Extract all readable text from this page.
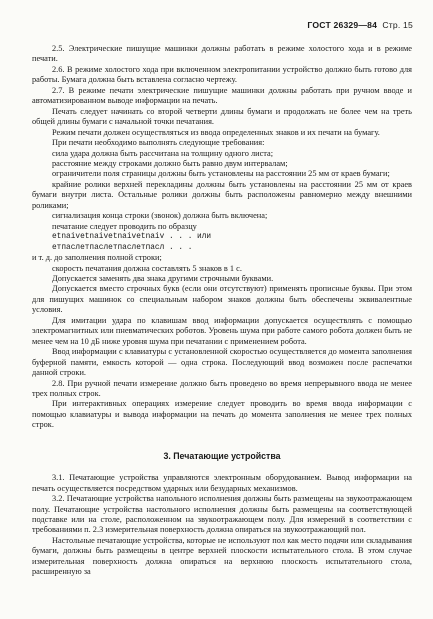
ГОСТ 26329—84 Стр. 15

2.5. Электрические пишущие машинки должны работать в режиме холостого хода и в режиме печати.

2.6. В режиме холостого хода при включенном электропитании устройство должно быть готово для работы. Бумага должна быть вставлена согласно чертежу.

2.7. В режиме печати электрические пишущие машинки должны работать при ручном вводе и автоматизированном выводе информации на печать.

Печать следует начинать со второй четверти длины бумаги и продолжать не более чем на треть общей длины бумаги с начальной точки печатания.

Режим печати должен осуществляться из ввода определенных знаков и их печати на бумагу.

При печати необходимо выполнять следующие требования:

сила удара должна быть рассчитана на толщину одного листа;

расстояние между строками должно быть равно двум интервалам;

ограничители поля страницы должны быть установлены на расстоянии 25 мм от краев бумаги;

крайние ролики верхней перекладины должны быть установлены на расстоянии 25 мм от краев бумаги внутри листа. Остальные ролики должны быть расположены равномерно между внешними роликами;

сигнализация конца строки (звонок) должна быть включена;

печатание следует проводить по образцу

etnaivetnaivetnaivetnaiv . . . или

етпаслетпаслетпаслетпасл . . .

и т. д. до заполнения полной строки;

скорость печатания должна составлять 5 знаков в 1 с.

Допускается заменять два знака другими строчными буквами.

Допускается вместо строчных букв (если они отсутствуют) применять прописные буквы. При этом для пишущих машинок со специальным набором знаков должны быть обеспечены эквивалентные условия.

Для имитации удара по клавишам ввод информации допускается осуществлять с помощью электромагнитных или пневматических роботов. Уровень шума при работе самого робота должен быть не менее чем на 10 дБ ниже уровня шума при печатании с применением робота.

Ввод информации с клавиатуры с установленной скоростью осуществляется до момента заполнения буферной памяти, емкость которой — одна строка. Последующий ввод возможен после распечатки данной строки.

2.8. При ручной печати измерение должно быть проведено во время непрерывного ввода не менее трех полных строк.

При интерактивных операциях измерение следует проводить во время ввода информации с помощью клавиатуры и вывода информации на печать до момента заполнения не менее трех полных строк.

3. Печатающие устройства

3.1. Печатающие устройства управляются электронным оборудованием. Вывод информации на печать осуществляется посредством ударных или безударных механизмов.

3.2. Печатающие устройства напольного исполнения должны быть размещены на звукоотражающем полу. Печатающие устройства настольного исполнения должны быть размещены на соответствующей подставке или на столе, расположенном на звукоотражающем полу. Для измерений в соответствии с требованиями п. 2.3 измерительная поверхность должна опираться на звукоотражающий пол.

Настольные печатающие устройства, которые не используют пол как место подачи или складывания бумаги, должны быть размещены в центре верхней плоскости испытательного стола. В этом случае измерительная поверхность должна опираться на верхнюю плоскость испытательного стола, расширенную за
